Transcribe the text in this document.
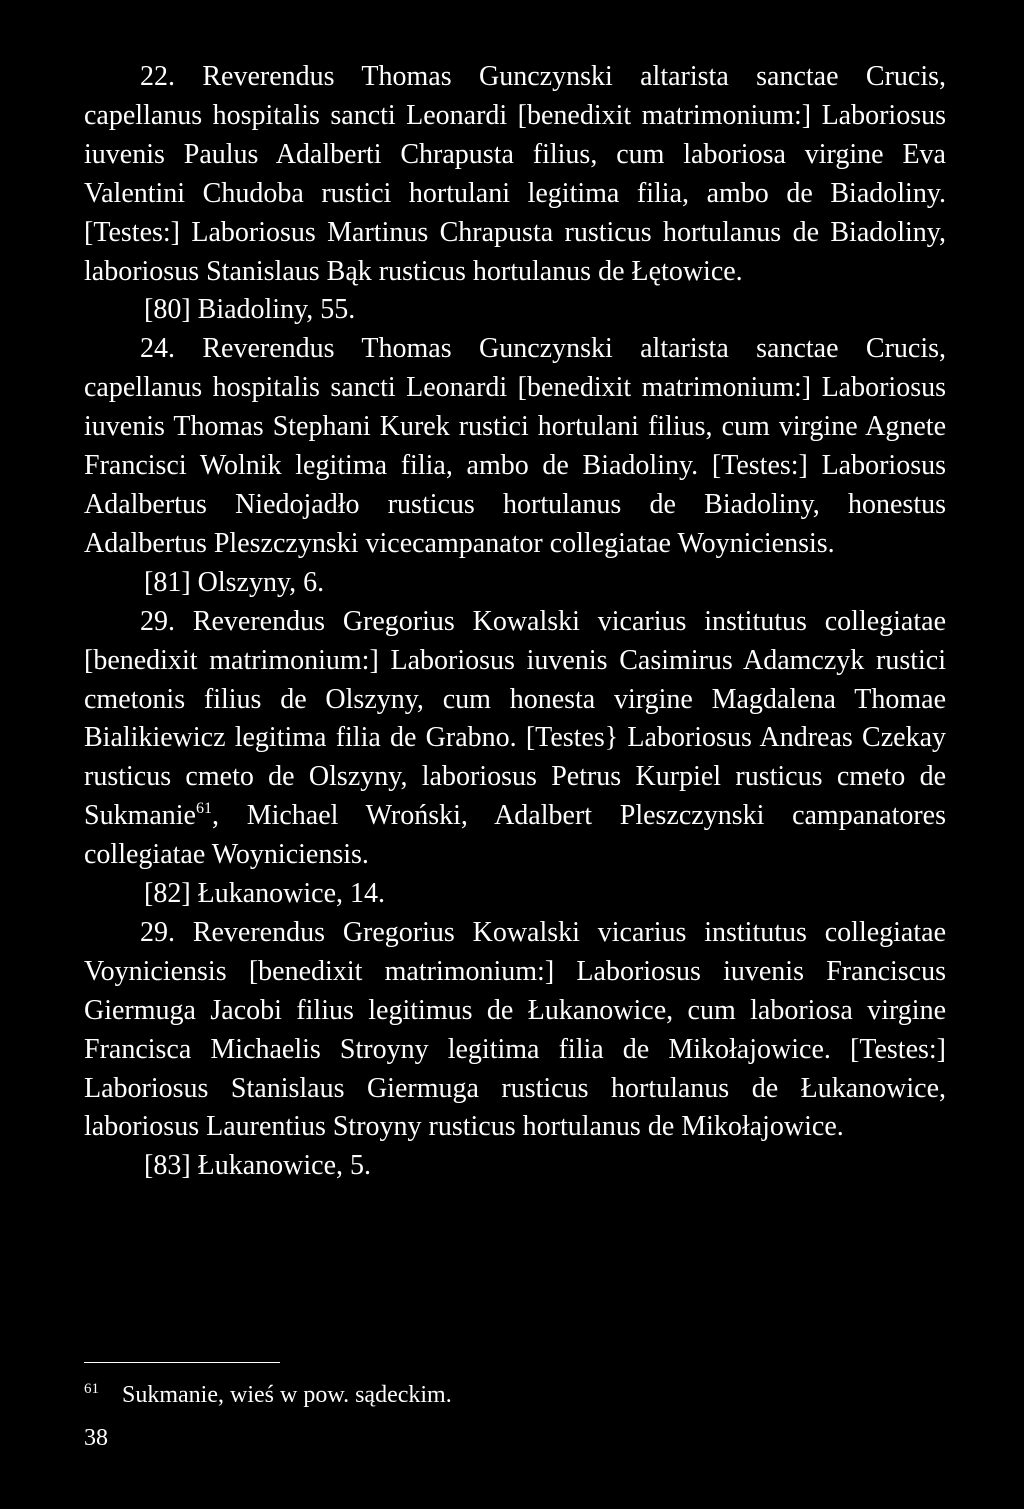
22. Reverendus Thomas Gunczynski altarista sanctae Crucis, capellanus hospitalis sancti Leonardi [benedixit matrimonium:] Laboriosus iuvenis Paulus Adalberti Chrapusta filius, cum laboriosa virgine Eva Valentini Chudoba rustici hortulani legitima filia, ambo de Biadoliny. [Testes:] Laboriosus Martinus Chrapusta rusticus hortulanus de Biadoliny, laboriosus Stanislaus Bąk rusticus hortulanus de Łętowice.

[80] Biadoliny, 55.

24. Reverendus Thomas Gunczynski altarista sanctae Crucis, capellanus hospitalis sancti Leonardi [benedixit matrimonium:] Laboriosus iuvenis Thomas Stephani Kurek rustici hortulani filius, cum virgine Agnete Francisci Wolnik legitima filia, ambo de Biadoliny. [Testes:] Laboriosus Adalbertus Niedojadło rusticus hortulanus de Biadoliny, honestus Adalbertus Pleszczynski vicecampanator collegiatae Woyniciensis.

[81] Olszyny, 6.

29. Reverendus Gregorius Kowalski vicarius institutus collegiatae [benedixit matrimonium:] Laboriosus iuvenis Casimirus Adamczyk rustici cmetonis filius de Olszyny, cum honesta virgine Magdalena Thomae Bialikiewicz legitima filia de Grabno. [Testes} Laboriosus Andreas Czekay rusticus cmeto de Olszyny, laboriosus Petrus Kurpiel rusticus cmeto de Sukmanie$^{61}$, Michael Wroński, Adalbert Pleszczynski campanatores collegiatae Woyniciensis.

[82] Łukanowice, 14.

29. Reverendus Gregorius Kowalski vicarius institutus collegiatae Voyniciensis [benedixit matrimonium:] Laboriosus iuvenis Franciscus Giermuga Jacobi filius legitimus de Łukanowice, cum laboriosa virgine Francisca Michaelis Stroyny legitima filia de Mikołajowice. [Testes:] Laboriosus Stanislaus Giermuga rusticus hortulanus de Łukanowice, laboriosus Laurentius Stroyny rusticus hortulanus de Mikołajowice.

[83] Łukanowice, 5.

61 Sukmanie, wieś w pow. sądeckim.

38
